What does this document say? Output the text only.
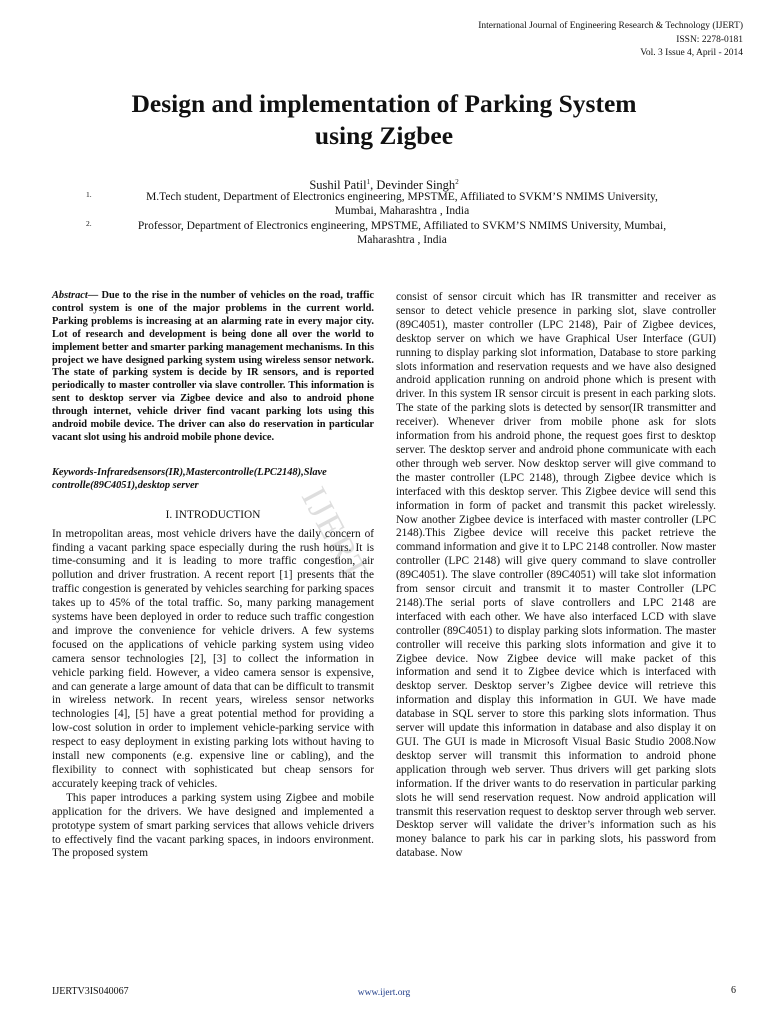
International Journal of Engineering Research & Technology (IJERT)
ISSN: 2278-0181
Vol. 3 Issue 4, April - 2014
Design and implementation of Parking System
using Zigbee
Sushil Patil$^1$, Devinder Singh$^2$
1.	M.Tech student, Department of Electronics engineering, MPSTME, Affiliated to SVKM’S NMIMS University,
Mumbai, Maharashtra , India
2.	Professor, Department of Electronics engineering, MPSTME, Affiliated to SVKM’S NMIMS University, Mumbai,
Maharashtra , India
IJERT

Abstract— Due to the rise in the number of vehicles on the road, traffic control system is one of the major problems in the current world. Parking problems is increasing at an alarming rate in every major city. Lot of research and development is being done all over the world to implement better and smarter parking management mechanisms. In this project we have designed parking system using wireless sensor network. The state of parking system is decide by IR sensors, and is reported periodically to master controller via slave controller. This information is sent to desktop server via Zigbee device and also to android phone through internet, vehicle driver find vacant parking lots using this android mobile device. The driver can also do reservation in particular vacant slot using his android mobile phone device.

Keywords-Infraredsensors(IR),Mastercontrolle(LPC2148),Slave controlle(89C4051),desktop server

I. INTRODUCTION

In metropolitan areas, most vehicle drivers have the daily concern of finding a vacant parking space especially during the rush hours. It is time-consuming and it is leading to more traffic congestion, air pollution and driver frustration. A recent report [1] presents that the traffic congestion is generated by vehicles searching for parking spaces takes up to 45% of the total traffic. So, many parking management systems have been deployed in order to reduce such traffic congestion and improve the convenience for vehicle drivers. A few systems focused on the applications of vehicle parking system using video camera sensor technologies [2], [3] to collect the information in vehicle parking field. However, a video camera sensor is expensive, and can generate a large amount of data that can be difficult to transmit in wireless network. In recent years, wireless sensor networks technologies [4], [5] have a great potential method for providing a low-cost solution in order to implement vehicle-parking service with respect to easy deployment in existing parking lots without having to install new components (e.g. expensive line or cabling), and the flexibility to connect with sophisticated but cheap sensors for accurately keeping track of vehicles.

This paper introduces a parking system using Zigbee and mobile application for the drivers. We have designed and implemented a prototype system of smart parking services that allows vehicle drivers to effectively find the vacant parking spaces, in indoors environment. The proposed system

consist of sensor circuit which has IR transmitter and receiver as sensor to detect vehicle presence in parking slot, slave controller (89C4051), master controller (LPC 2148), Pair of Zigbee devices, desktop server on which we have Graphical User Interface (GUI) running to display parking slot information, Database to store parking slots information and reservation requests and we have also designed android application running on android phone which is present with driver. In this system IR sensor circuit is present in each parking slots. The state of the parking slots is detected by sensor(IR transmitter and receiver). Whenever driver from mobile phone ask for slots information from his android phone, the request goes first to desktop server. The desktop server and android phone communicate with each other through web server. Now desktop server will give command to the master controller (LPC 2148), through Zigbee device which is interfaced with this desktop server. This Zigbee device will send this information in form of packet and transmit this packet wirelessly. Now another Zigbee device is interfaced with master controller (LPC 2148).This Zigbee device will receive this packet retrieve the command information and give it to LPC 2148 controller. Now master controller (LPC 2148) will give query command to slave controller (89C4051). The slave controller (89C4051) will take slot information from sensor circuit and transmit it to master Controller (LPC 2148).The serial ports of slave controllers and LPC 2148 are interfaced with each other. We have also interfaced LCD with slave controller (89C4051) to display parking slots information. The master controller will receive this parking slots information and give it to Zigbee device. Now Zigbee device will make packet of this information and send it to Zigbee device which is interfaced with desktop server. Desktop server’s Zigbee device will retrieve this information and display this information in GUI. We have made database in SQL server to store this parking slots information. Thus server will update this information in database and also display it on GUI. The GUI is made in Microsoft Visual Basic Studio 2008.Now desktop server will transmit this information to android phone application through web server. Thus drivers will get parking slots information. If the driver wants to do reservation in particular parking slots he will send reservation request. Now android application will transmit this reservation request to desktop server through web server. Desktop server will validate the driver’s information such as his money balance to park his car in parking slots, his password from database. Now

IJERTV3IS040067	www.ijert.org	6
